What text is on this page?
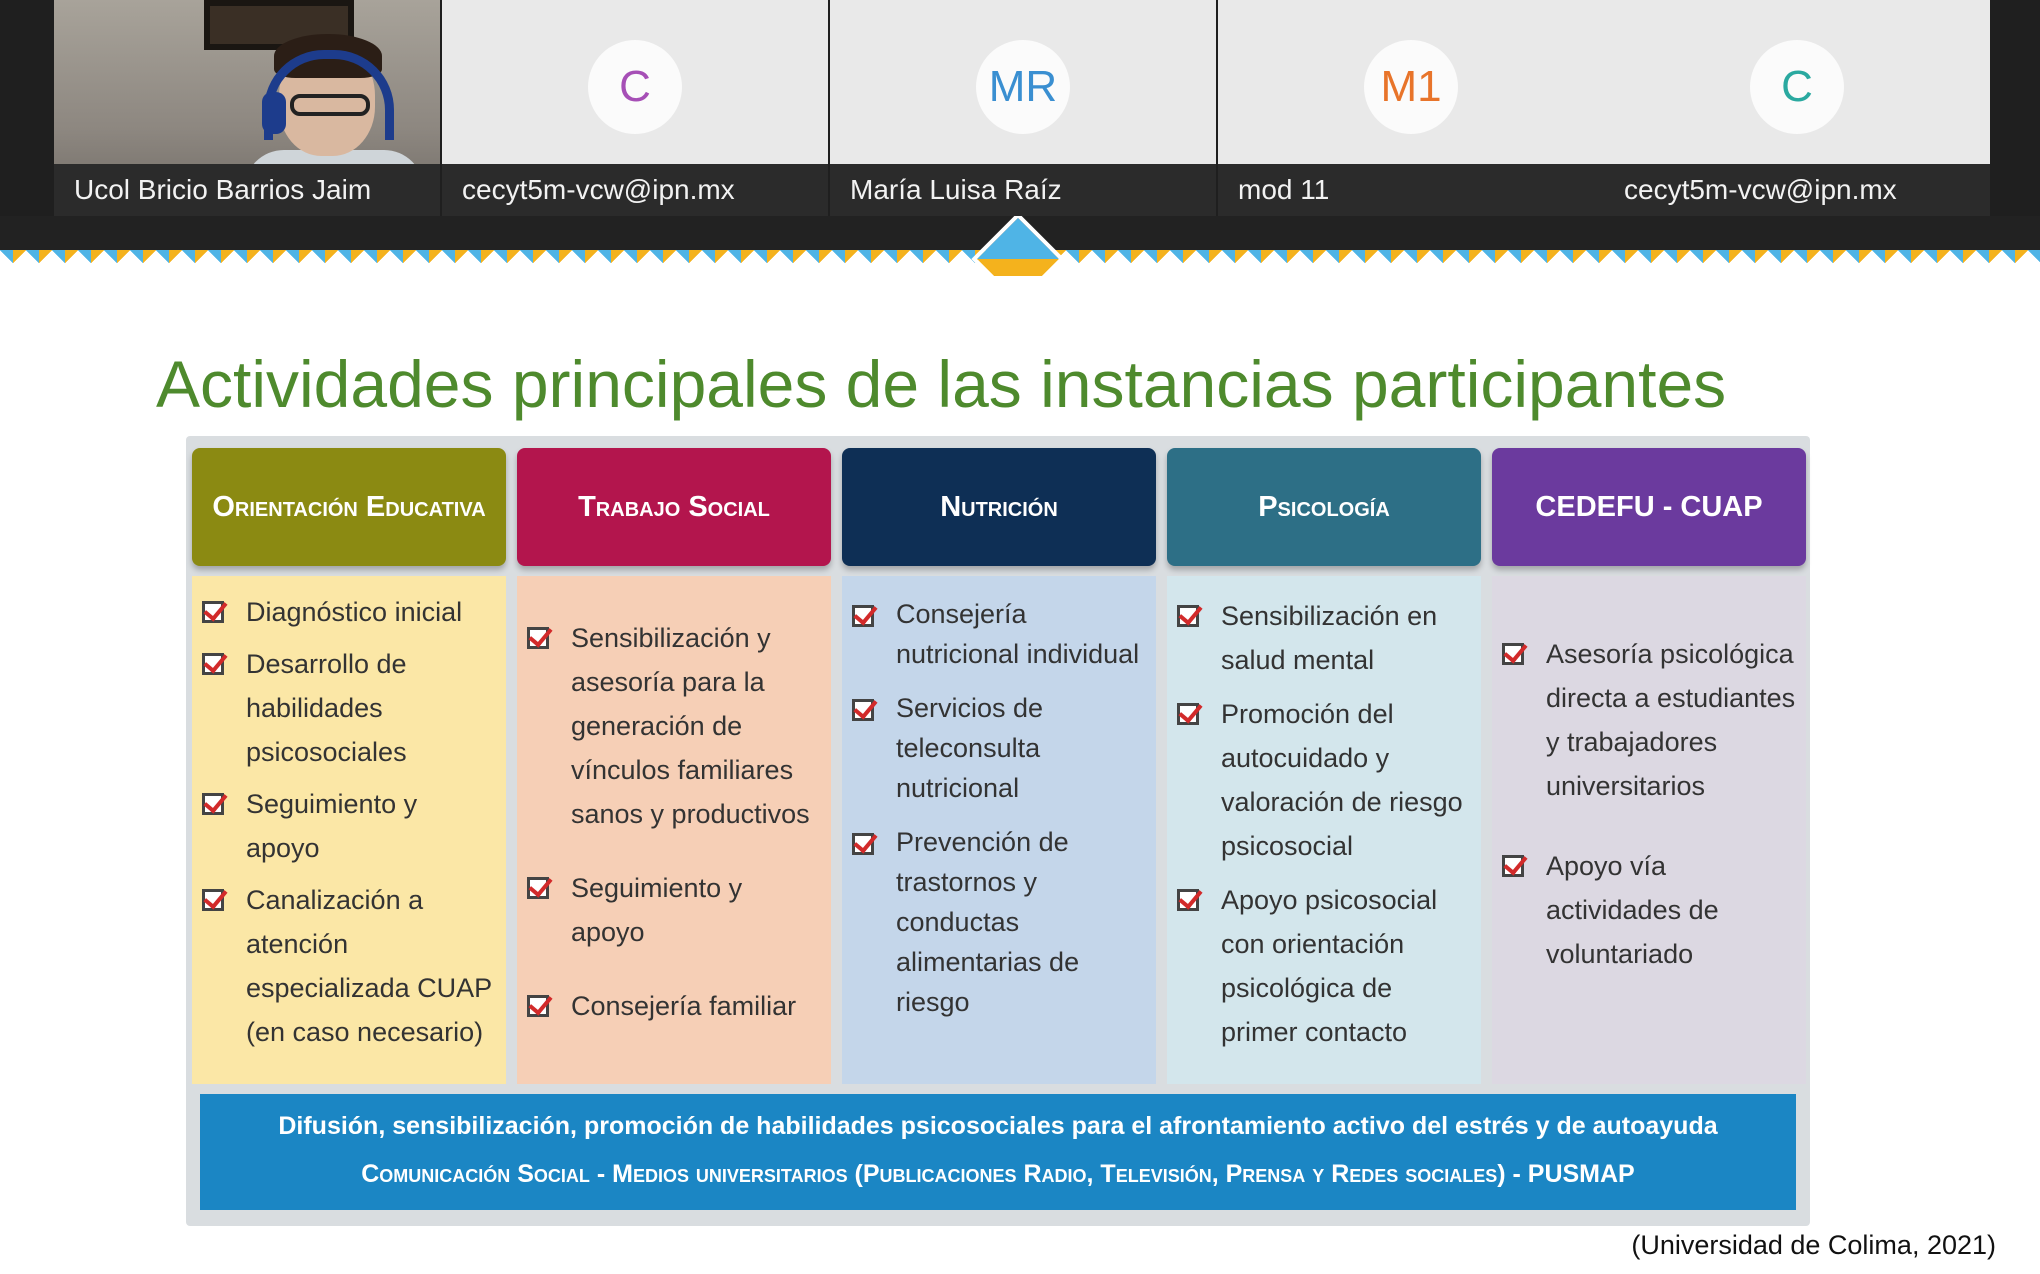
Ucol Bricio Barrios Jaim
C
cecyt5m-vcw@ipn.mx
MR
María Luisa Raíz
M1
mod 11
C
cecyt5m-vcw@ipn.mx
Actividades principales de las instancias participantes
Orientación Educativa
Diagnóstico inicial
Desarrollo de habilidades psicosociales
Seguimiento y apoyo
Canalización a atención especializada CUAP (en caso necesario)
Trabajo Social
Sensibilización y asesoría para la generación de vínculos familiares sanos y productivos
Seguimiento y apoyo
Consejería familiar
Nutrición
Consejería nutricional individual
Servicios de teleconsulta nutricional
Prevención de trastornos y conductas alimentarias de riesgo
Psicología
Sensibilización en salud mental
Promoción del autocuidado y valoración de riesgo psicosocial
Apoyo psicosocial con orientación psicológica de primer contacto
CEDEFU - CUAP
Asesoría psicológica directa a estudiantes y trabajadores universitarios
Apoyo vía actividades de voluntariado
Difusión, sensibilización, promoción de habilidades psicosociales para el afrontamiento activo del estrés y de autoayuda
Comunicación Social - Medios universitarios (Publicaciones Radio, Televisión, Prensa y Redes sociales) - PUSMAP
(Universidad de Colima, 2021)
